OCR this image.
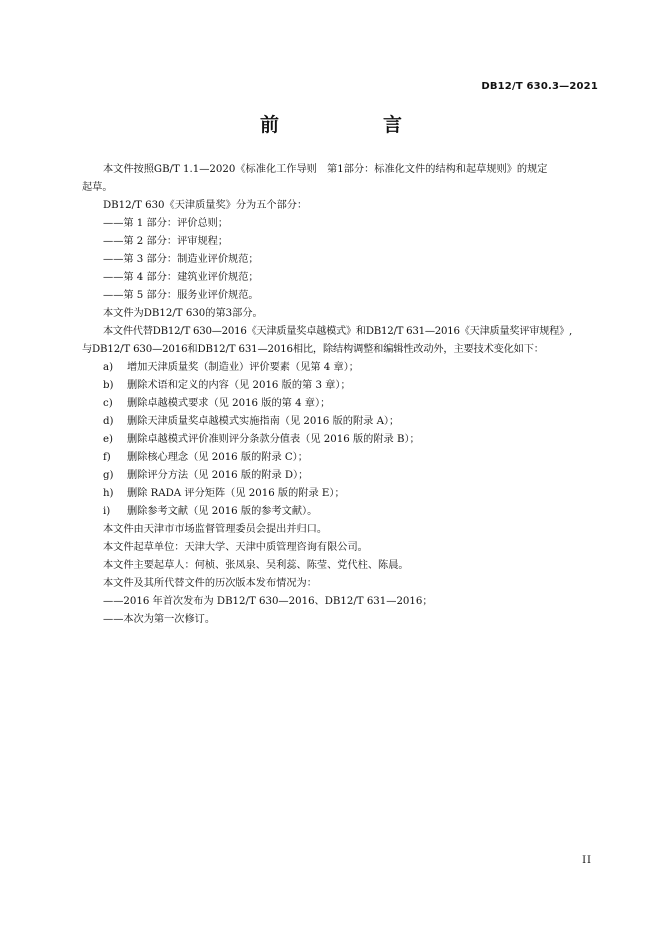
DB12/T 630.3—2021
前　　言

本文件按照GB/T 1.1—2020《标准化工作导则　第1部分：标准化文件的结构和起草规则》的规定

起草。

DB12/T 630《天津质量奖》分为五个部分：

——第 1 部分：评价总则；

——第 2 部分：评审规程；

——第 3 部分：制造业评价规范；

——第 4 部分：建筑业评价规范；

——第 5 部分：服务业评价规范。

本文件为DB12/T 630的第3部分。

本文件代替DB12/T 630—2016《天津质量奖卓越模式》和DB12/T 631—2016《天津质量奖评审规程》,

与DB12/T 630—2016和DB12/T 631—2016相比，除结构调整和编辑性改动外，主要技术变化如下：

a) 增加天津质量奖（制造业）评价要素（见第 4 章）；
b) 删除术语和定义的内容（见 2016 版的第 3 章）；
c) 删除卓越模式要求（见 2016 版的第 4 章）；
d) 删除天津质量奖卓越模式实施指南（见 2016 版的附录 A）；
e) 删除卓越模式评价准则评分条款分值表（见 2016 版的附录 B）；
f) 删除核心理念（见 2016 版的附录 C）；
g) 删除评分方法（见 2016 版的附录 D）；
h) 删除 RADA 评分矩阵（见 2016 版的附录 E）；
i) 删除参考文献（见 2016 版的参考文献）。

本文件由天津市市场监督管理委员会提出并归口。

本文件起草单位：天津大学、天津中质管理咨询有限公司。

本文件主要起草人：何桢、张凤泉、吴利蕊、陈莹、党代柱、陈晨。

本文件及其所代替文件的历次版本发布情况为：

——2016 年首次发布为 DB12/T 630—2016、DB12/T 631—2016；

——本次为第一次修订。

II
